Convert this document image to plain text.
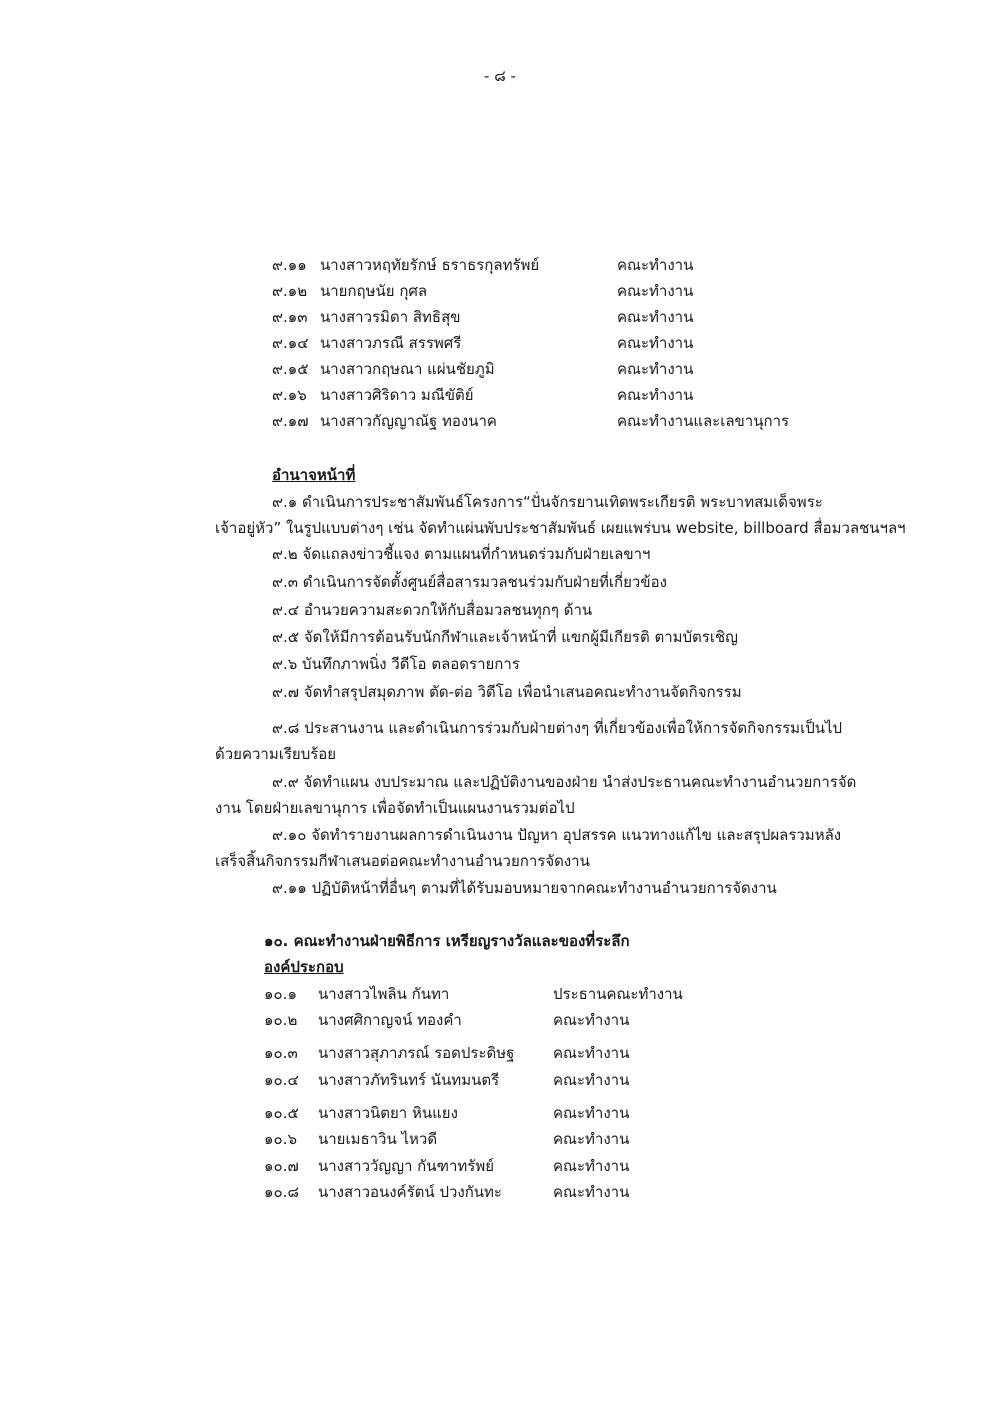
- ๘ -
๙.๑๑ นางสาวหฤทัยรักษ์ ธราธรกุลทรัพย์	คณะทำงาน
๙.๑๒ นายกฤษนัย กุศล	คณะทำงาน
๙.๑๓ นางสาวรมิดา สิทธิสุข	คณะทำงาน
๙.๑๔ นางสาวภรณี สรรพศรี	คณะทำงาน
๙.๑๕ นางสาวกฤษณา แผ่นชัยภูมิ	คณะทำงาน
๙.๑๖ นางสาวศิริดาว มณีขัติย์	คณะทำงาน
๙.๑๗ นางสาวกัญญาณัฐ ทองนาค	คณะทำงานและเลขานุการ
อำนาจหน้าที่
๙.๑ ดำเนินการประชาสัมพันธ์โครงการ“ปั่นจักรยานเทิดพระเกียรติ พระบาทสมเด็จพระ
เจ้าอยู่หัว” ในรูปแบบต่างๆ เช่น จัดทำแผ่นพับประชาสัมพันธ์ เผยแพร่บน website, billboard สื่อมวลชนฯลฯ
๙.๒ จัดแถลงข่าวชี้แจง ตามแผนที่กำหนดร่วมกับฝ่ายเลขาฯ
๙.๓ ดำเนินการจัดตั้งศูนย์สื่อสารมวลชนร่วมกับฝ่ายที่เกี่ยวข้อง
๙.๔ อำนวยความสะดวกให้กับสื่อมวลชนทุกๆ ด้าน
๙.๕ จัดให้มีการต้อนรับนักกีฬาและเจ้าหน้าที่ แขกผู้มีเกียรติ ตามบัตรเชิญ
๙.๖ บันทึกภาพนิ่ง วีดีโอ ตลอดรายการ
๙.๗ จัดทำสรุปสมุดภาพ ตัด-ต่อ วิดีโอ เพื่อนำเสนอคณะทำงานจัดกิจกรรม
๙.๘ ประสานงาน และดำเนินการร่วมกับฝ่ายต่างๆ ที่เกี่ยวข้องเพื่อให้การจัดกิจกรรมเป็นไป
ด้วยความเรียบร้อย
๙.๙ จัดทำแผน งบประมาณ และปฏิบัติงานของฝ่าย นำส่งประธานคณะทำงานอำนวยการจัด
งาน โดยฝ่ายเลขานุการ เพื่อจัดทำเป็นแผนงานรวมต่อไป
๙.๑๐ จัดทำรายงานผลการดำเนินงาน ปัญหา อุปสรรค แนวทางแก้ไข และสรุปผลรวมหลัง
เสร็จสิ้นกิจกรรมกีฬาเสนอต่อคณะทำงานอำนวยการจัดงาน
๙.๑๑ ปฏิบัติหน้าที่อื่นๆ ตามที่ได้รับมอบหมายจากคณะทำงานอำนวยการจัดงาน
๑๐. คณะทำงานฝ่ายพิธีการ เหรียญรางวัลและของที่ระลึก
องค์ประกอบ
๑๐.๑ นางสาวไพลิน กันทา	ประธานคณะทำงาน
๑๐.๒ นางศศิกาญจน์ ทองคำ	คณะทำงาน
๑๐.๓ นางสาวสุภาภรณ์ รอดประดิษฐ	คณะทำงาน
๑๐.๔ นางสาวภัทรินทร์ นันทมนตรี	คณะทำงาน
๑๐.๕ นางสาวนิตยา หินแยง	คณะทำงาน
๑๐.๖ นายเมธาวิน ไหวดี	คณะทำงาน
๑๐.๗ นางสาววัญญา กันฑาทรัพย์	คณะทำงาน
๑๐.๘ นางสาวอนงค์รัตน์ ปวงกันทะ	คณะทำงาน
